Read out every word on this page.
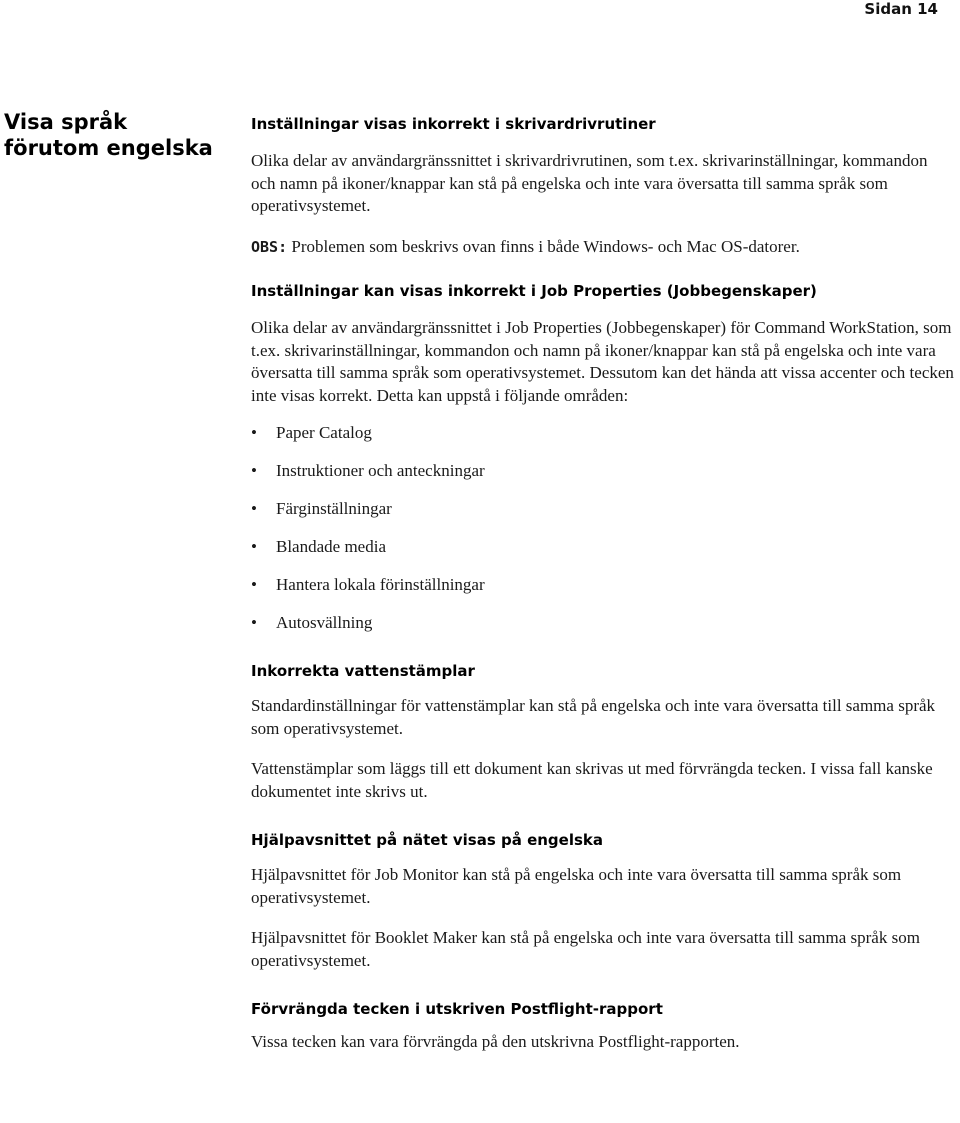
Sidan 14
Visa språk förutom engelska
Inställningar visas inkorrekt i skrivardrivrutiner

Olika delar av användargränssnittet i skrivardrivrutinen, som t.ex. skrivarinställningar, kommandon och namn på ikoner/knappar kan stå på engelska och inte vara översatta till samma språk som operativsystemet.

OBS: Problemen som beskrivs ovan finns i både Windows- och Mac OS-datorer.

Inställningar kan visas inkorrekt i Job Properties (Jobbegenskaper)

Olika delar av användargränssnittet i Job Properties (Jobbegenskaper) för Command WorkStation, som t.ex. skrivarinställningar, kommandon och namn på ikoner/knappar kan stå på engelska och inte vara översatta till samma språk som operativsystemet. Dessutom kan det hända att vissa accenter och tecken inte visas korrekt. Detta kan uppstå i följande områden:

• Paper Catalog
• Instruktioner och anteckningar
• Färginställningar
• Blandade media
• Hantera lokala förinställningar
• Autosvällning
Inkorrekta vattenstämplar

Standardinställningar för vattenstämplar kan stå på engelska och inte vara översatta till samma språk som operativsystemet.

Vattenstämplar som läggs till ett dokument kan skrivas ut med förvrängda tecken. I vissa fall kanske dokumentet inte skrivs ut.

Hjälpavsnittet på nätet visas på engelska

Hjälpavsnittet för Job Monitor kan stå på engelska och inte vara översatta till samma språk som operativsystemet.

Hjälpavsnittet för Booklet Maker kan stå på engelska och inte vara översatta till samma språk som operativsystemet.

Förvrängda tecken i utskriven Postflight-rapport

Vissa tecken kan vara förvrängda på den utskrivna Postflight-rapporten.
